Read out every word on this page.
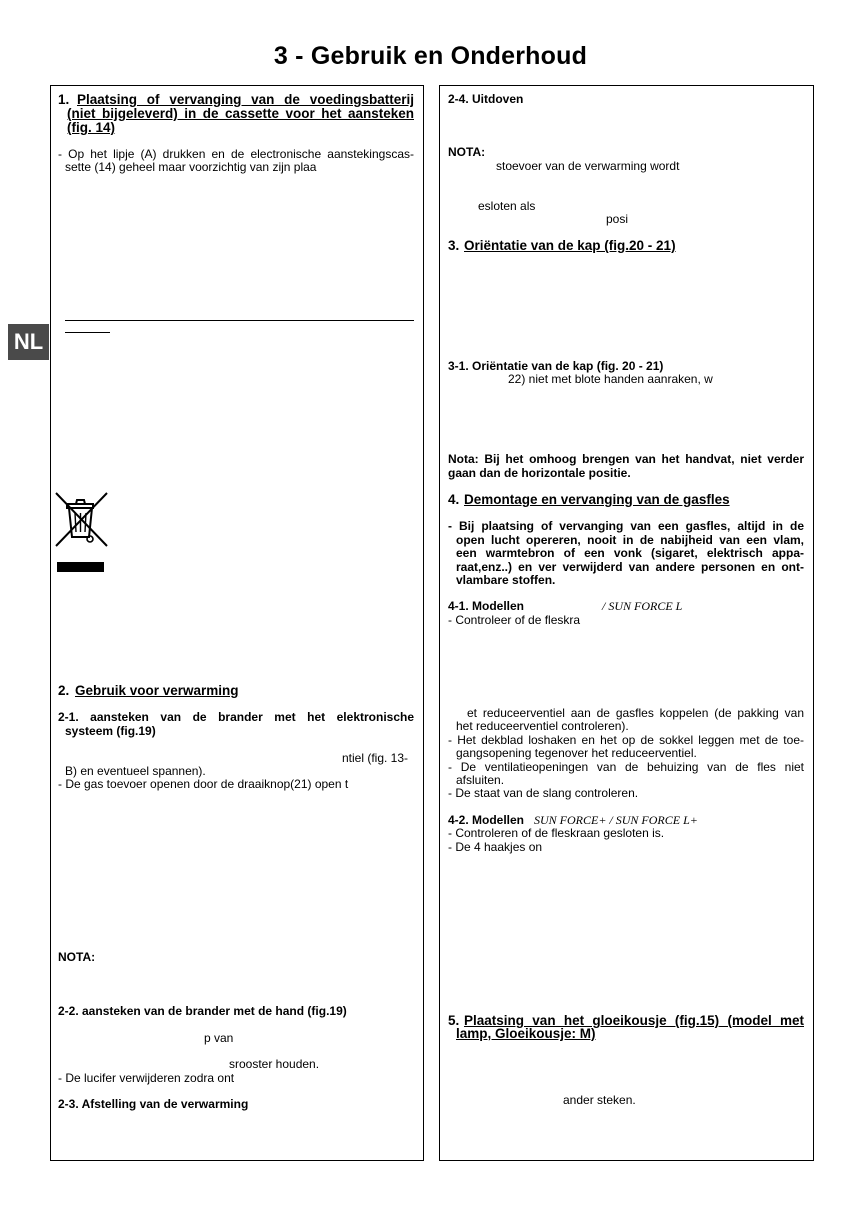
3 - Gebruik en Onderhoud
NL
1. Plaatsing of vervanging van de voedingsbatterij
(niet bijgeleverd) in de cassette voor het aansteken
(fig. 14)
- Op het lipje (A) drukken en de electronische aanstekingscas-
sette (14) geheel maar voorzichtig van zijn plaa
2. Gebruik voor verwarming
2-1. aansteken van de brander met het elektronische
systeem (fig.19)
ntiel (fig. 13-
B) en eventueel spannen).
- De gas toevoer openen door de draaiknop(21) open t
NOTA:
2-2. aansteken van de brander met de hand (fig.19)
p van
srooster houden.
- De lucifer verwijderen zodra ont
2-3. Afstelling van de verwarming
2-4. Uitdoven
NOTA:
stoevoer van de verwarming wordt
esloten als
posi
3. Oriëntatie van de kap (fig.20 - 21)
3-1. Oriëntatie van de kap (fig. 20 - 21)
22) niet met blote handen aanraken, w
Nota: Bij het omhoog brengen van het handvat, niet verder
gaan dan de horizontale positie.
4. Demontage en vervanging van de gasfles
- Bij plaatsing of vervanging van een gasfles, altijd in de
open lucht opereren, nooit in de nabijheid van een vlam,
een warmtebron of een vonk (sigaret, elektrisch appa-
raat,enz..) en ver verwijderd van andere personen en ont-
vlambare stoffen.
4-1. Modellen	/ SUN FORCE L
- Controleer of de fleskra
et reduceerventiel aan de gasfles koppelen (de pakking van
het reduceerventiel controleren).
- Het dekblad loshaken en het op de sokkel leggen met de toe-
gangsopening tegenover het reduceerventiel.
- De ventilatieopeningen van de behuizing van de fles niet
afsluiten.
- De staat van de slang controleren.
4-2. Modellen SUN FORCE+ / SUN FORCE L+
- Controleren of de fleskraan gesloten is.
- De 4 haakjes on
5. Plaatsing van het gloeikousje (fig.15) (model met
lamp, Gloeikousje: M)
ander steken.
